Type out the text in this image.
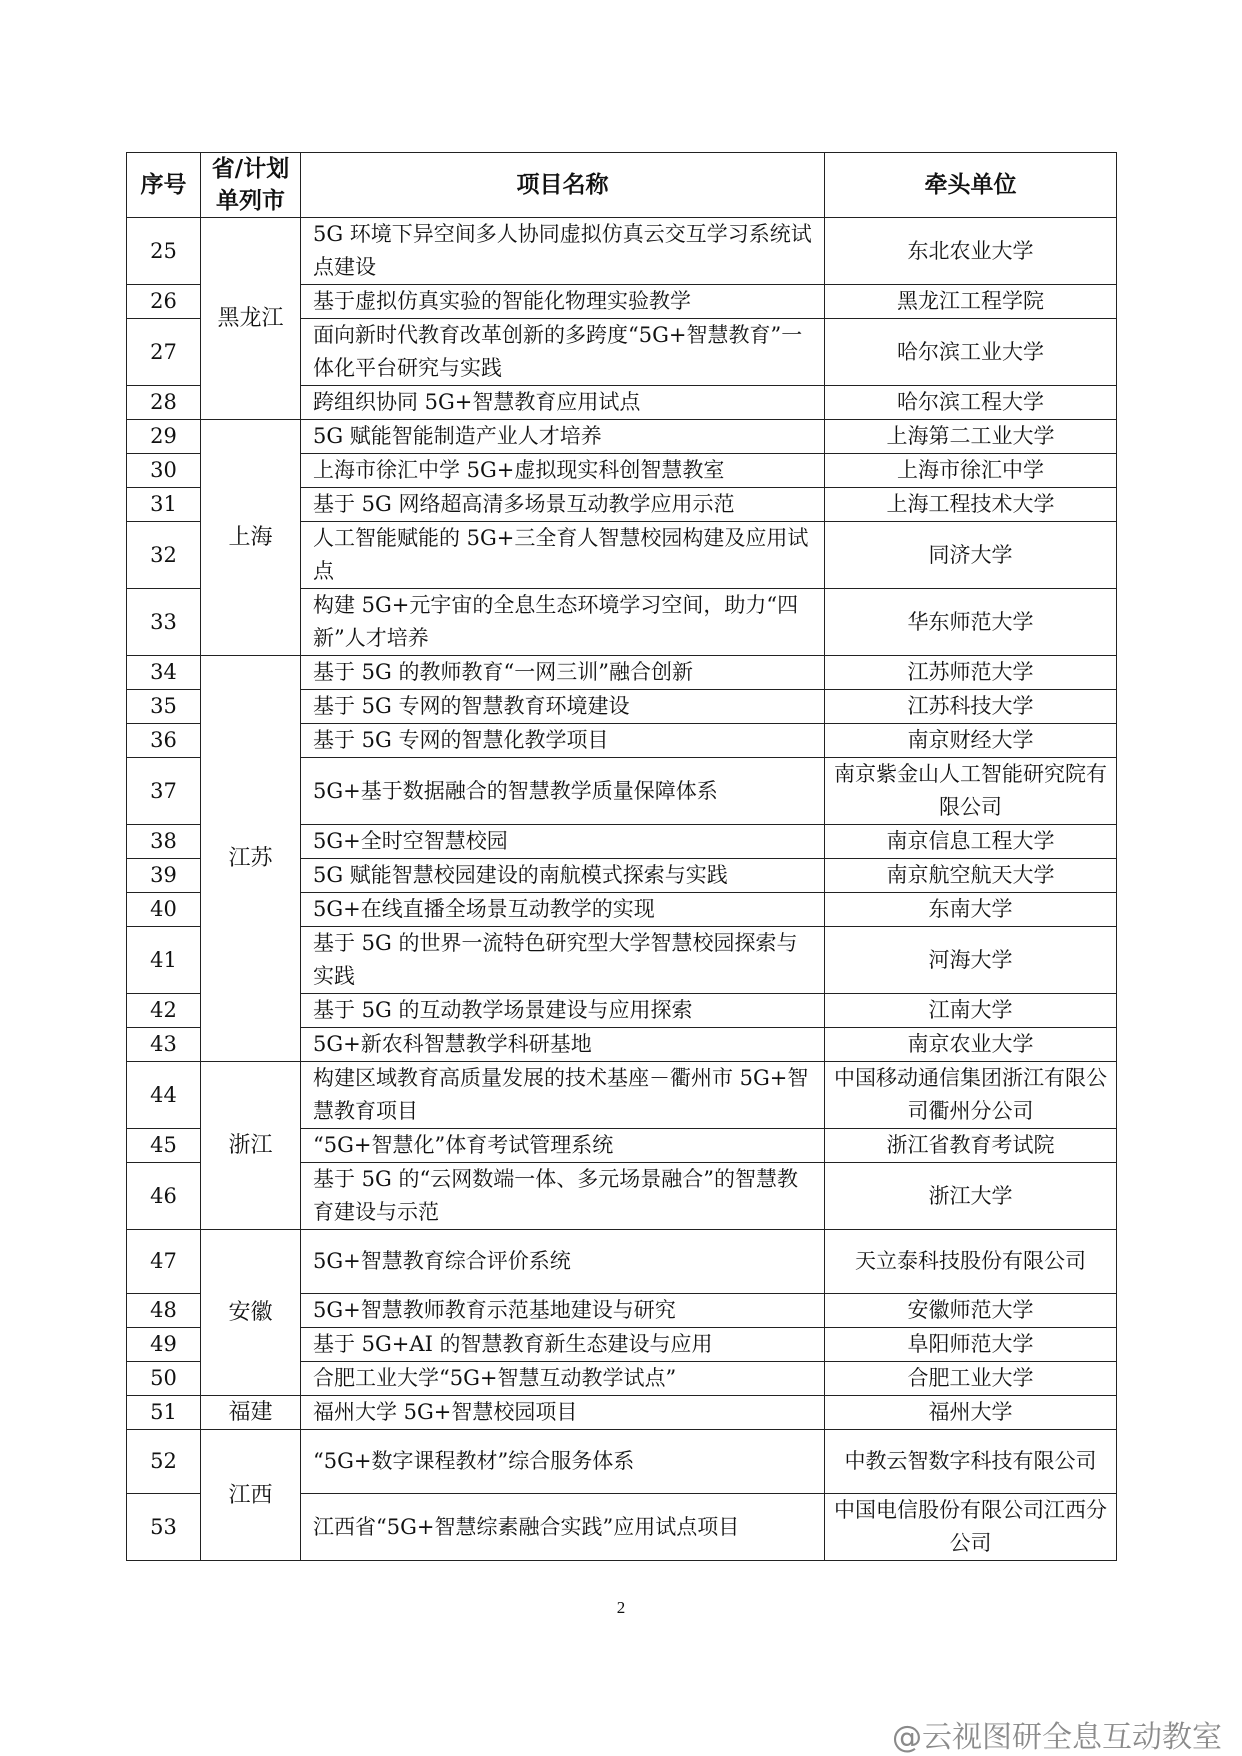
序号	省/计划单列市	项目名称	牵头单位
25	黑龙江	5G 环境下异空间多人协同虚拟仿真云交互学习系统试点建设	东北农业大学
26		基于虚拟仿真实验的智能化物理实验教学	黑龙江工程学院
27		面向新时代教育改革创新的多跨度“5G+智慧教育”一体化平台研究与实践	哈尔滨工业大学
28		跨组织协同 5G+智慧教育应用试点	哈尔滨工程大学
29	上海	5G 赋能智能制造产业人才培养	上海第二工业大学
30		上海市徐汇中学 5G+虚拟现实科创智慧教室	上海市徐汇中学
31		基于 5G 网络超高清多场景互动教学应用示范	上海工程技术大学
32		人工智能赋能的 5G+三全育人智慧校园构建及应用试点	同济大学
33		构建 5G+元宇宙的全息生态环境学习空间，助力“四新”人才培养	华东师范大学
34	江苏	基于 5G 的教师教育“一网三训”融合创新	江苏师范大学
35		基于 5G 专网的智慧教育环境建设	江苏科技大学
36		基于 5G 专网的智慧化教学项目	南京财经大学
37		5G+基于数据融合的智慧教学质量保障体系	南京紫金山人工智能研究院有限公司
38		5G+全时空智慧校园	南京信息工程大学
39		5G 赋能智慧校园建设的南航模式探索与实践	南京航空航天大学
40		5G+在线直播全场景互动教学的实现	东南大学
41		基于 5G 的世界一流特色研究型大学智慧校园探索与实践	河海大学
42		基于 5G 的互动教学场景建设与应用探索	江南大学
43		5G+新农科智慧教学科研基地	南京农业大学
44	浙江	构建区域教育高质量发展的技术基座－衢州市 5G+智慧教育项目	中国移动通信集团浙江有限公司衢州分公司
45		“5G+智慧化”体育考试管理系统	浙江省教育考试院
46		基于 5G 的“云网数端一体、多元场景融合”的智慧教育建设与示范	浙江大学
47	安徽	5G+智慧教育综合评价系统	天立泰科技股份有限公司
48		5G+智慧教师教育示范基地建设与研究	安徽师范大学
49		基于 5G+AI 的智慧教育新生态建设与应用	阜阳师范大学
50		合肥工业大学“5G+智慧互动教学试点”	合肥工业大学
51	福建	福州大学 5G+智慧校园项目	福州大学
52	江西	“5G+数字课程教材”综合服务体系	中教云智数字科技有限公司
53		江西省“5G+智慧综素融合实践”应用试点项目	中国电信股份有限公司江西分公司
2
@云视图研全息互动教室
